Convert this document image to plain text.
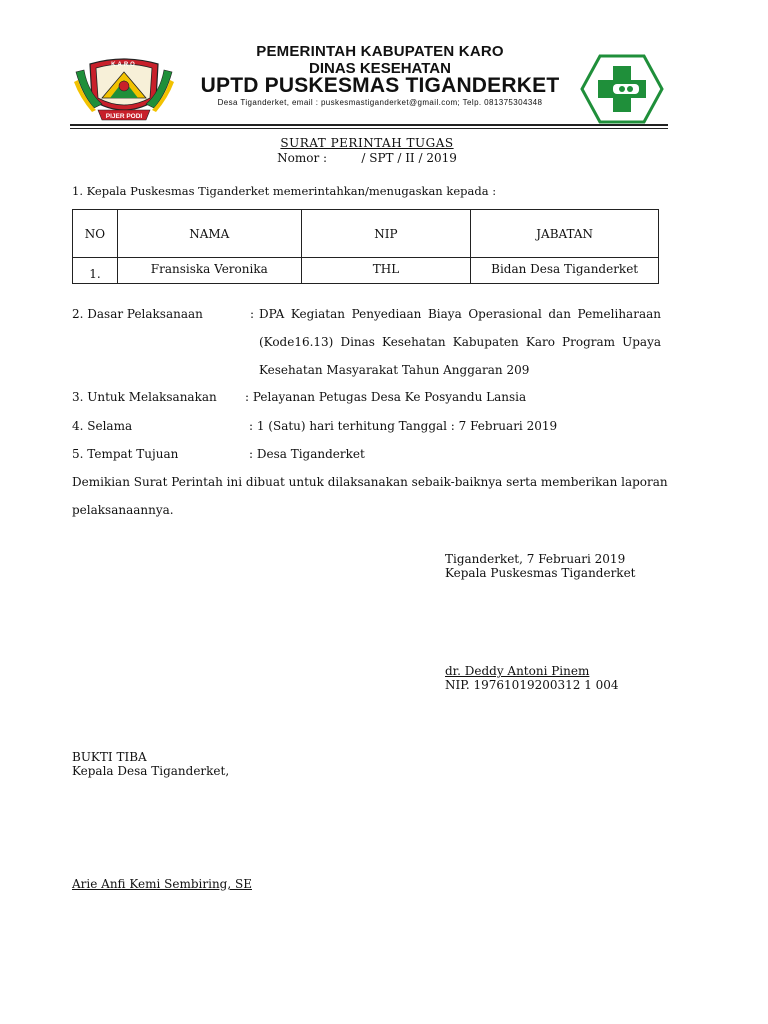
PIJER PODI
KARO
PEMERINTAH KABUPATEN KARO
DINAS KESEHATAN
UPTD PUSKESMAS TIGANDERKET
Desa Tiganderket, email : puskesmastiganderket@gmail.com; Telp. 081375304348
SURAT PERINTAH TUGAS
Nomor :         / SPT / II / 2019
1. Kepala Puskesmas Tiganderket memerintahkan/menugaskan kepada :
NO	NAMA	NIP	JABATAN
1.	Fransiska Veronika	THL	Bidan Desa Tiganderket
2. Dasar Pelaksanaan	: DPA Kegiatan Penyediaan Biaya Operasional dan Pemeliharaan
(Kode16.13) Dinas Kesehatan Kabupaten Karo Program Upaya
Kesehatan Masyarakat Tahun Anggaran 209
3. Untuk Melaksanakan : Pelayanan Petugas Desa Ke Posyandu Lansia
4. Selama	: 1 (Satu) hari terhitung Tanggal : 7 Februari 2019
5. Tempat Tujuan	: Desa Tiganderket
Demikian Surat Perintah ini dibuat untuk dilaksanakan sebaik-baiknya serta memberikan laporan
pelaksanaannya.
Tiganderket, 7 Februari 2019
Kepala Puskesmas Tiganderket
dr. Deddy Antoni Pinem
NIP. 19761019200312 1 004
BUKTI TIBA
Kepala Desa Tiganderket,
Arie Anfi Kemi Sembiring, SE
